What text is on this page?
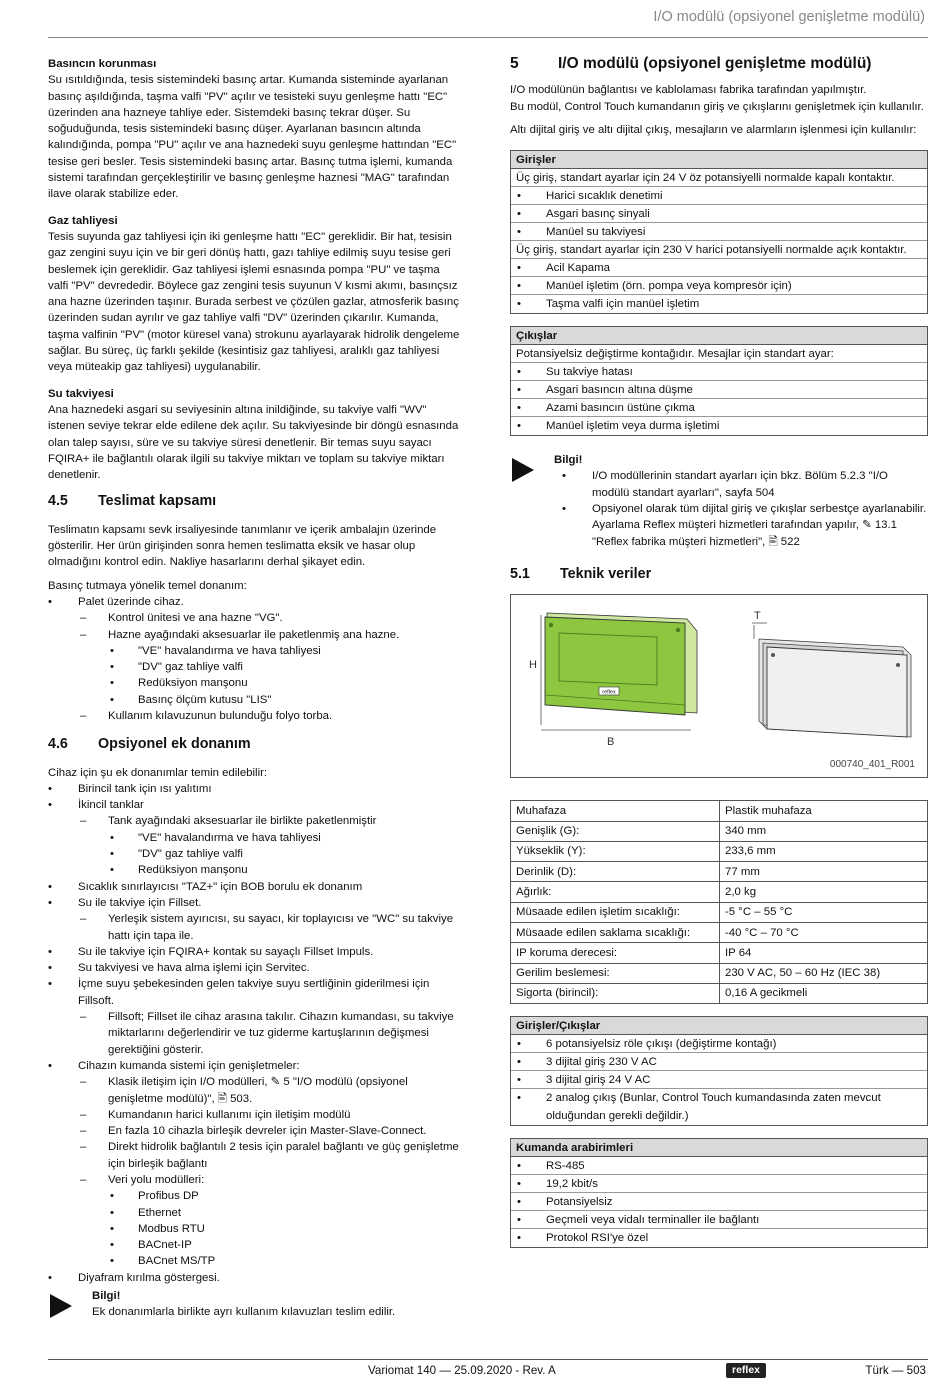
I/O modülü (opsiyonel genişletme modülü)
Basıncın korunması

Su ısıtıldığında, tesis sistemindeki basınç artar. Kumanda sisteminde ayarlanan basınç aşıldığında, taşma valfi "PV" açılır ve tesisteki suyu genleşme hattı "EC" üzerinden ana hazneye tahliye eder. Sistemdeki basınç tekrar düşer. Su soğuduğunda, tesis sistemindeki basınç düşer. Ayarlanan basıncın altında kalındığında, pompa "PU" açılır ve ana haznedeki suyu genleşme hattından "EC" tesise geri besler. Tesis sistemindeki basınç artar. Basınç tutma işlemi, kumanda sistemi tarafından gerçekleştirilir ve basınç genleşme haznesi "MAG" tarafından ilave olarak stabilize eder.

Gaz tahliyesi

Tesis suyunda gaz tahliyesi için iki genleşme hattı "EC" gereklidir. Bir hat, tesisin gaz zengini suyu için ve bir geri dönüş hattı, gazı tahliye edilmiş suyu tesise geri beslemek için gereklidir. Gaz tahliyesi işlemi esnasında pompa "PU" ve taşma valfi "PV" devrededir. Böylece gaz zengini tesis suyunun V kısmi akımı, basınçsız ana hazne üzerinden taşınır. Burada serbest ve çözülen gazlar, atmosferik basınç üzerinden sudan ayrılır ve gaz tahliye valfi "DV" üzerinden çıkarılır. Kumanda, taşma valfinin "PV" (motor küresel vana) strokunu ayarlayarak hidrolik dengeleme sağlar. Bu süreç, üç farklı şekilde (kesintisiz gaz tahliyesi, aralıklı gaz tahliyesi veya müteakip gaz tahliyesi) uygulanabilir.

Su takviyesi

Ana haznedeki asgari su seviyesinin altına inildiğinde, su takviye valfi "WV" istenen seviye tekrar elde edilene dek açılır. Su takviyesinde bir döngü esnasında olan talep sayısı, süre ve su takviye süresi denetlenir. Bir temas suyu sayacı FQIRA+ ile bağlantılı olarak ilgili su takviye miktarı ve toplam su takviye miktarı denetlenir.

4.5	Teslimat kapsamı

Teslimatın kapsamı sevk irsaliyesinde tanımlanır ve içerik ambalajın üzerinde gösterilir. Her ürün girişinden sonra hemen teslimatta eksik ve hasar olup olmadığını kontrol edin. Nakliye hasarlarını derhal şikayet edin.

Basınç tutmaya yönelik temel donanım:

• Palet üzerinde cihaz.
– Kontrol ünitesi ve ana hazne "VG".
– Hazne ayağındaki aksesuarlar ile paketlenmiş ana hazne.
• "VE" havalandırma ve hava tahliyesi
• "DV" gaz tahliye valfi
• Redüksiyon manşonu
• Basınç ölçüm kutusu "LIS"
– Kullanım kılavuzunun bulunduğu folyo torba.
4.6	Opsiyonel ek donanım

Cihaz için şu ek donanımlar temin edilebilir:

• Birincil tank için ısı yalıtımı
• İkincil tanklar
– Tank ayağındaki aksesuarlar ile birlikte paketlenmiştir
• "VE" havalandırma ve hava tahliyesi
• "DV" gaz tahliye valfi
• Redüksiyon manşonu
• Sıcaklık sınırlayıcısı "TAZ+" için BOB borulu ek donanım
• Su ile takviye için Fillset.
– Yerleşik sistem ayırıcısı, su sayacı, kir toplayıcısı ve "WC" su takviye hattı için tapa ile.
• Su ile takviye için FQIRA+ kontak su sayaçlı Fillset Impuls.
• Su takviyesi ve hava alma işlemi için Servitec.
• İçme suyu şebekesinden gelen takviye suyu sertliğinin giderilmesi için Fillsoft.
– Fillsoft; Fillset ile cihaz arasına takılır. Cihazın kumandası, su takviye miktarlarını değerlendirir ve tuz giderme kartuşlarının değişmesi gerektiğini gösterir.
• Cihazın kumanda sistemi için genişletmeler:
– Klasik iletişim için I/O modülleri, ✎ 5 "I/O modülü (opsiyonel genişletme modülü)", 🖹 503.
– Kumandanın harici kullanımı için iletişim modülü
– En fazla 10 cihazla birleşik devreler için Master-Slave-Connect.
– Direkt hidrolik bağlantılı 2 tesis için paralel bağlantı ve güç genişletme için birleşik bağlantı
– Veri yolu modülleri:
• Profibus DP
• Ethernet
• Modbus RTU
• BACnet-IP
• BACnet MS/TP
• Diyafram kırılma göstergesi.
Bilgi!
Ek donanımlarla birlikte ayrı kullanım kılavuzları teslim edilir.
5	I/O modülü (opsiyonel genişletme modülü)

I/O modülünün bağlantısı ve kablolaması fabrika tarafından yapılmıştır.

Bu modül, Control Touch kumandanın giriş ve çıkışlarını genişletmek için kullanılır.

Altı dijital giriş ve altı dijital çıkış, mesajların ve alarmların işlenmesi için kullanılır:

Girişler
Üç giriş, standart ayarlar için 24 V öz potansiyelli normalde kapalı kontaktır.
• Harici sıcaklık denetimi
• Asgari basınç sinyali
• Manüel su takviyesi
Üç giriş, standart ayarlar için 230 V harici potansiyelli normalde açık kontaktır.
• Acil Kapama
• Manüel işletim (örn. pompa veya kompresör için)
• Taşma valfi için manüel işletim
Çıkışlar
Potansiyelsiz değiştirme kontağıdır. Mesajlar için standart ayar:
• Su takviye hatası
• Asgari basıncın altına düşme
• Azami basıncın üstüne çıkma
• Manüel işletim veya durma işletimi
Bilgi!
• I/O modüllerinin standart ayarları için bkz. Bölüm 5.2.3 "I/O modülü standart ayarları", sayfa 504
• Opsiyonel olarak tüm dijital giriş ve çıkışlar serbestçe ayarlanabilir. Ayarlama Reflex müşteri hizmetleri tarafından yapılır, ✎ 13.1 "Reflex fabrika müşteri hizmetleri", 🖹 522
5.1	Teknik veriler
H
B
reflex
T
000740_401_R001
Muhafaza	Plastik muhafaza
Genişlik (G):	340 mm
Yükseklik (Y):	233,6 mm
Derinlik (D):	77 mm
Ağırlık:	2,0 kg
Müsaade edilen işletim sıcaklığı:	-5 °C – 55 °C
Müsaade edilen saklama sıcaklığı:	-40 °C – 70 °C
IP koruma derecesi:	IP 64
Gerilim beslemesi:	230 V AC, 50 – 60 Hz (IEC 38)
Sigorta (birincil):	0,16 A gecikmeli
Girişler/Çıkışlar
• 6 potansiyelsiz röle çıkışı (değiştirme kontağı)
• 3 dijital giriş 230 V AC
• 3 dijital giriş 24 V AC
• 2 analog çıkış (Bunlar, Control Touch kumandasında zaten mevcut olduğundan gerekli değildir.)
Kumanda arabirimleri
• RS-485
• 19,2 kbit/s
• Potansiyelsiz
• Geçmeli veya vidalı terminaller ile bağlantı
• Protokol RSI'ye özel
Variomat 140 — 25.09.2020 - Rev. A	reflex	Türk — 503
